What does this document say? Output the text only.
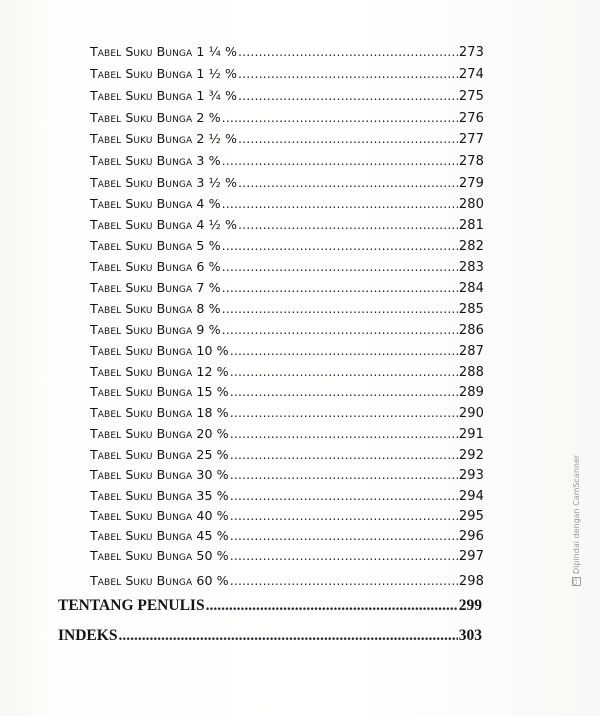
Tabel Suku Bunga 1 ¼ % .....	273
Tabel Suku Bunga 1 ½ % .....	274
Tabel Suku Bunga 1 ¾ % .....	275
Tabel Suku Bunga 2 % .....	276
Tabel Suku Bunga 2 ½ % .....	277
Tabel Suku Bunga 3 % .....	278
Tabel Suku Bunga 3 ½ % .....	279
Tabel Suku Bunga 4 % .....	280
Tabel Suku Bunga 4 ½ % .....	281
Tabel Suku Bunga 5 % .....	282
Tabel Suku Bunga 6 % .....	283
Tabel Suku Bunga 7 % .....	284
Tabel Suku Bunga 8 % .....	285
Tabel Suku Bunga 9 % .....	286
Tabel Suku Bunga 10 % .....	287
Tabel Suku Bunga 12 % .....	288
Tabel Suku Bunga 15 % .....	289
Tabel Suku Bunga 18 % .....	290
Tabel Suku Bunga 20 % .....	291
Tabel Suku Bunga 25 % .....	292
Tabel Suku Bunga 30 % .....	293
Tabel Suku Bunga 35 % .....	294
Tabel Suku Bunga 40 % .....	295
Tabel Suku Bunga 45 % .....	296
Tabel Suku Bunga 50 % .....	297
Tabel Suku Bunga 60 % .....	298
TENTANG PENULIS .....	299
INDEKS .....	303
CSDipindai dengan CamScanner
